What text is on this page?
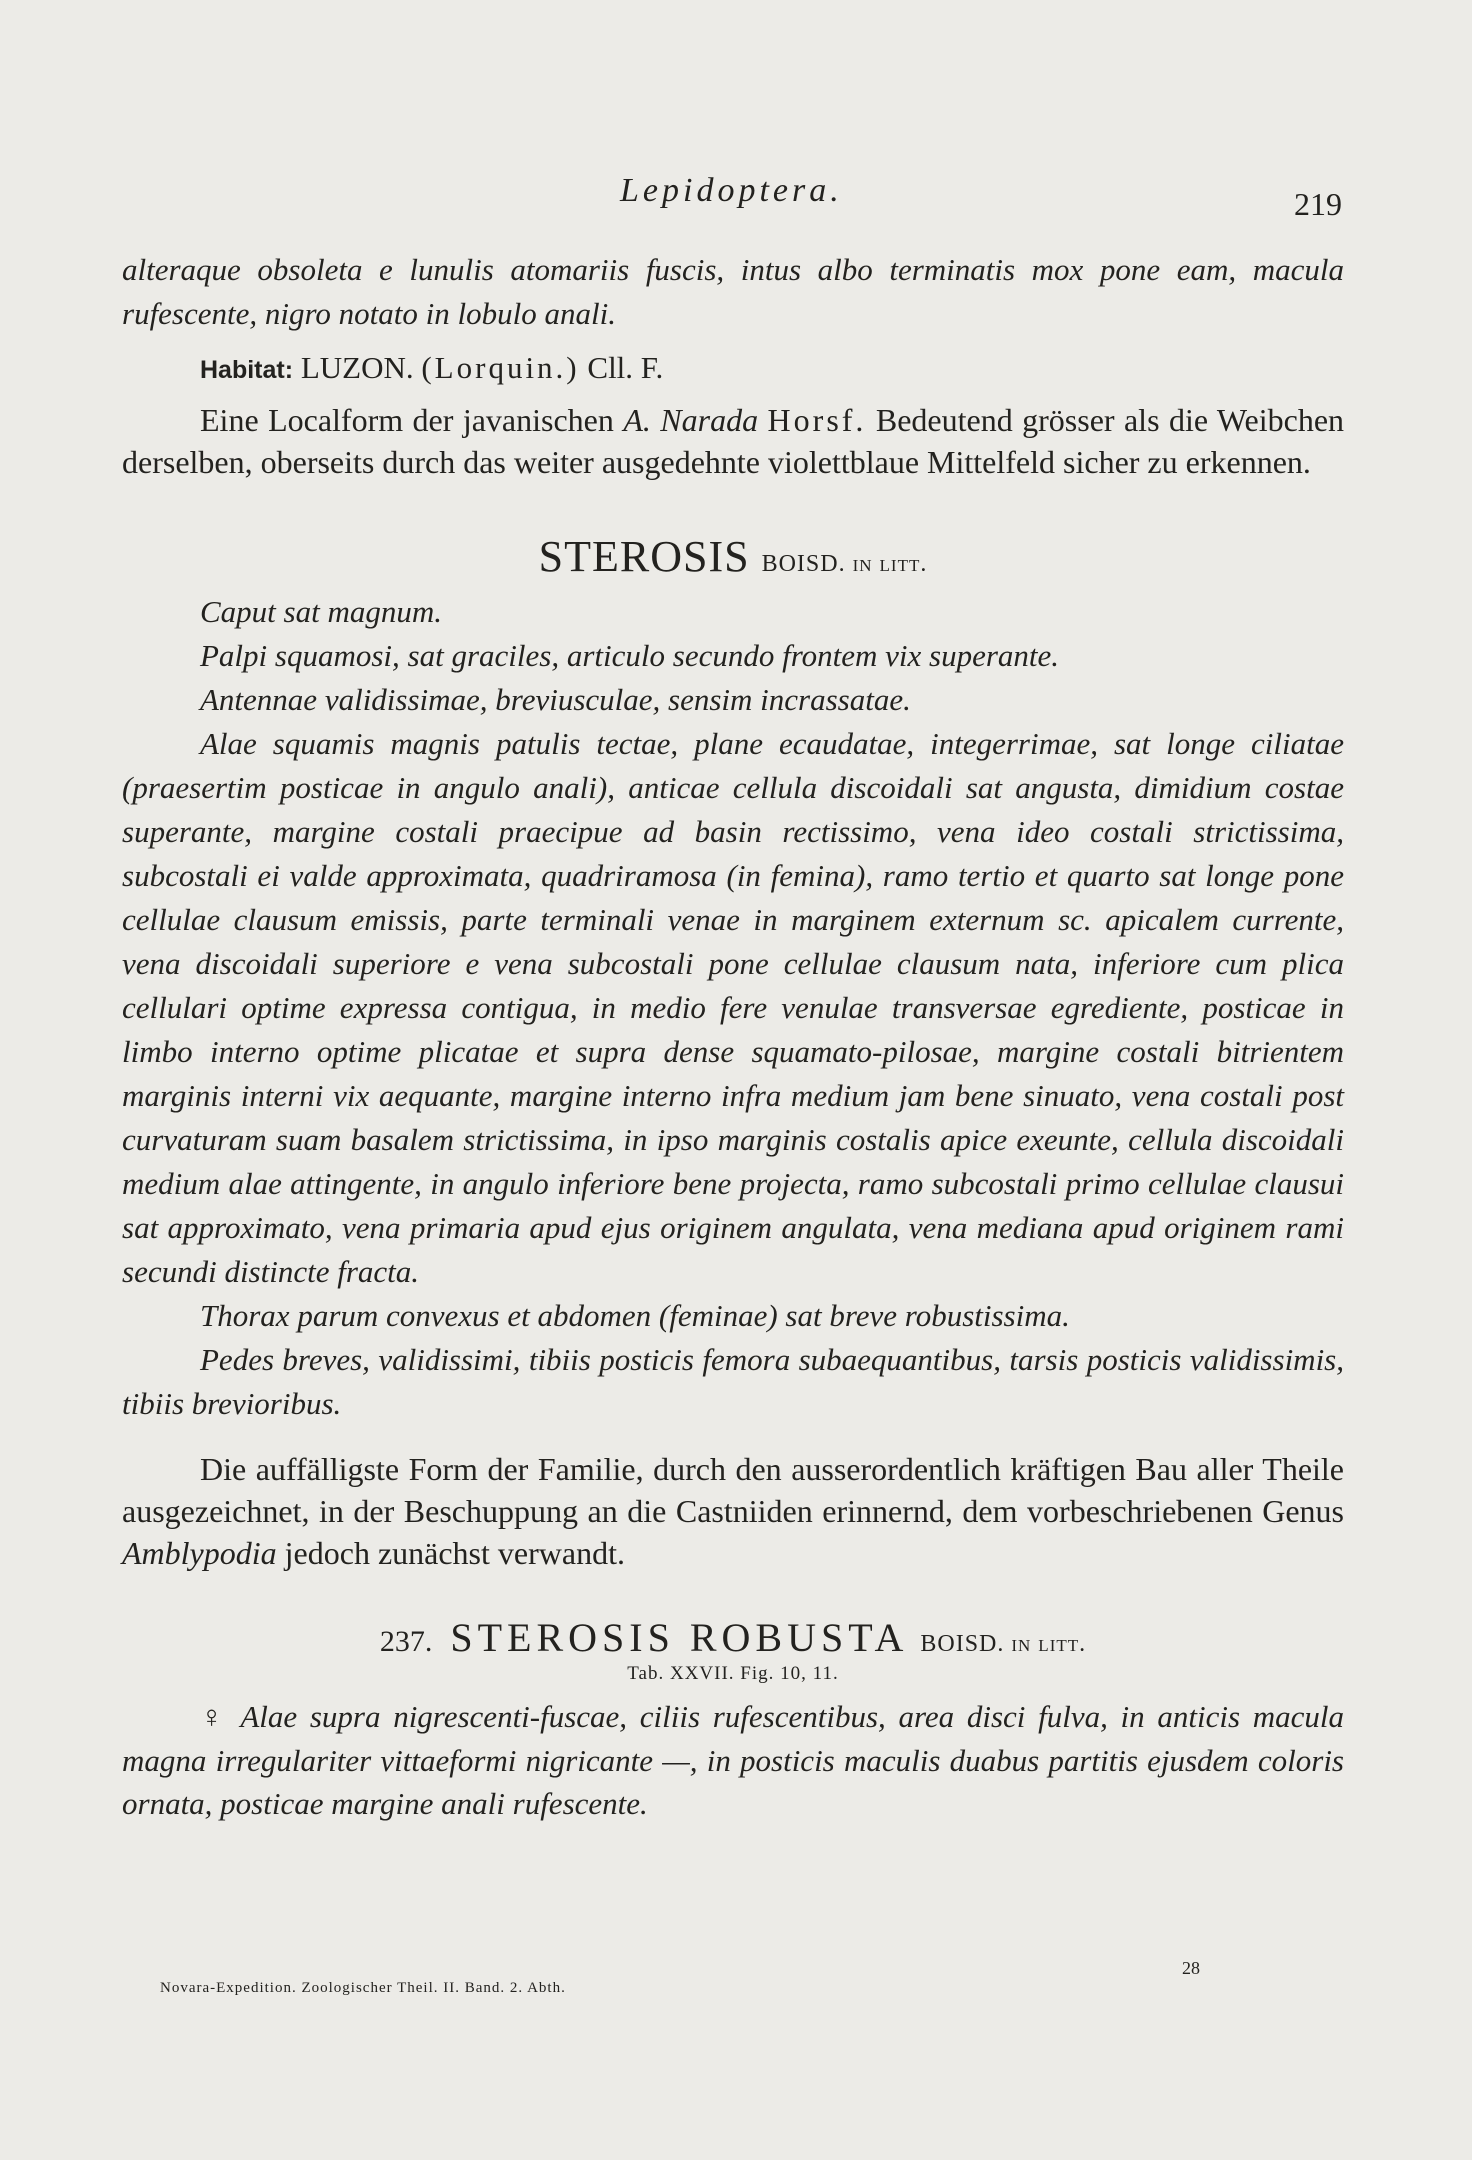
Lepidoptera.	219

alteraque obsoleta e lunulis atomariis fuscis, intus albo terminatis mox pone eam, macula rufescente, nigro notato in lobulo anali.

Habitat: LUZON. (Lorquin.) Cll. F.

Eine Localform der javanischen A. Narada Horsf. Bedeutend grösser als die Weibchen derselben, oberseits durch das weiter ausgedehnte violettblaue Mittelfeld sicher zu erkennen.

STEROSIS BOISD. in litt.

Caput sat magnum.

Palpi squamosi, sat graciles, articulo secundo frontem vix superante.

Antennae validissimae, breviusculae, sensim incrassatae.

Alae squamis magnis patulis tectae, plane ecaudatae, integerrimae, sat longe ciliatae (praesertim posticae in angulo anali), anticae cellula discoidali sat angusta, dimidium costae superante, margine costali praecipue ad basin rectissimo, vena ideo costali strictissima, subcostali ei valde approximata, quadriramosa (in femina), ramo tertio et quarto sat longe pone cellulae clausum emissis, parte terminali venae in marginem externum sc. apicalem currente, vena discoidali superiore e vena subcostali pone cellulae clausum nata, inferiore cum plica cellulari optime expressa contigua, in medio fere venulae transversae egrediente, posticae in limbo interno optime plicatae et supra dense squamato-pilosae, margine costali bitrientem marginis interni vix aequante, margine interno infra medium jam bene sinuato, vena costali post curvaturam suam basalem strictissima, in ipso marginis costalis apice exeunte, cellula discoidali medium alae attingente, in angulo inferiore bene projecta, ramo subcostali primo cellulae clausui sat approximato, vena primaria apud ejus originem angulata, vena mediana apud originem rami secundi distincte fracta.

Thorax parum convexus et abdomen (feminae) sat breve robustissima.

Pedes breves, validissimi, tibiis posticis femora subaequantibus, tarsis posticis validissimis, tibiis brevioribus.

Die auffälligste Form der Familie, durch den ausserordentlich kräftigen Bau aller Theile ausgezeichnet, in der Beschuppung an die Castniiden erinnernd, dem vorbeschriebenen Genus Amblypodia jedoch zunächst verwandt.

237. STEROSIS ROBUSTA BOISD. in litt.
Tab. XXVII. Fig. 10, 11.

♀ Alae supra nigrescenti-fuscae, ciliis rufescentibus, area disci fulva, in anticis macula magna irregulariter vittaeformi nigricante —, in posticis maculis duabus partitis ejusdem coloris ornata, posticae margine anali rufescente.

Novara-Expedition. Zoologischer Theil. II. Band. 2. Abth.
28
